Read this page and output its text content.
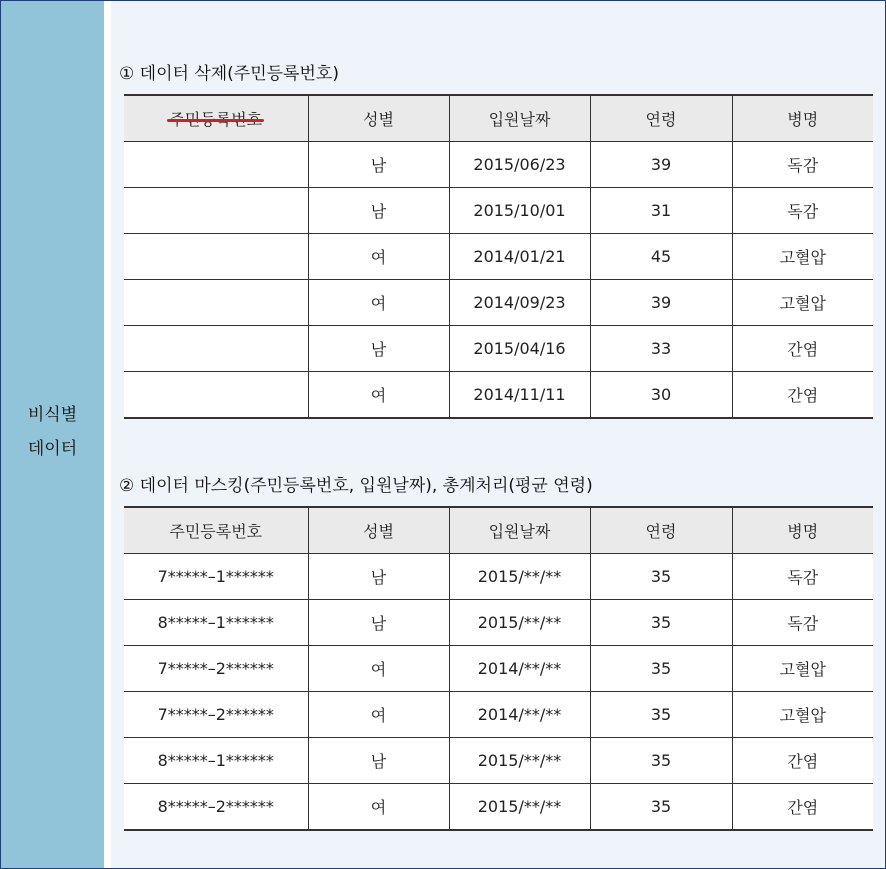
비식별
데이터
① 데이터 삭제(주민등록번호)
	성별	입원날짜	연령	병명
	남	2015/06/23	39	독감
	남	2015/10/01	31	독감
	여	2014/01/21	45	고혈압
	여	2014/09/23	39	고혈압
	남	2015/04/16	33	간염
	여	2014/11/11	30	간염
② 데이터 마스킹(주민등록번호, 입원날짜), 총계처리(평균 연령)
주민등록번호	성별	입원날짜	연령	병명
7*****–1******	남	2015/**/**	35	독감
8*****–1******	남	2015/**/**	35	독감
7*****–2******	여	2014/**/**	35	고혈압
7*****–2******	여	2014/**/**	35	고혈압
8*****–1******	남	2015/**/**	35	간염
8*****–2******	여	2015/**/**	35	간염
